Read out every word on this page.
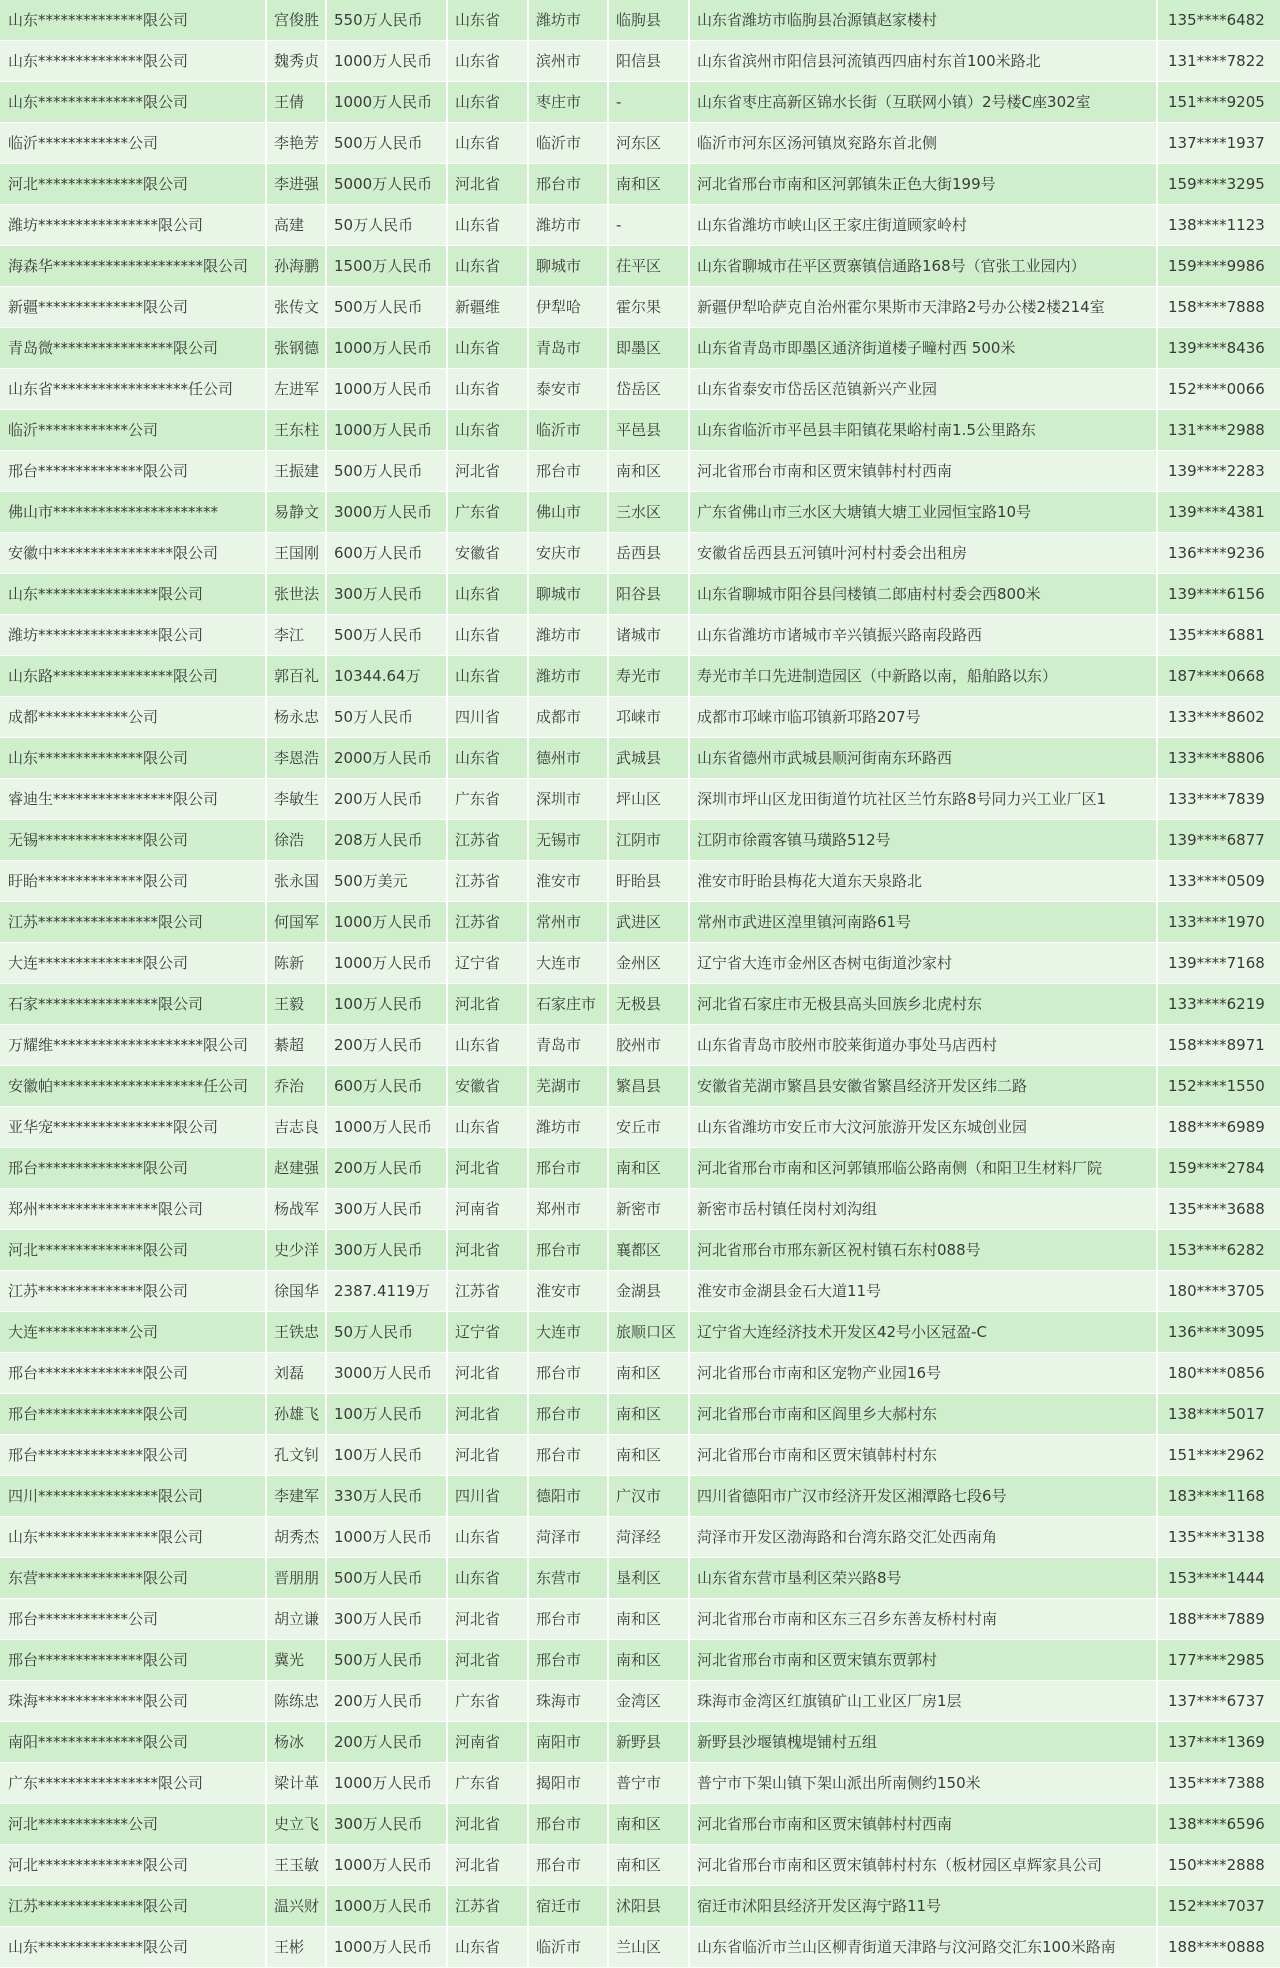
山东**************限公司	宫俊胜	550万人民币	山东省	潍坊市	临朐县	山东省潍坊市临朐县冶源镇赵家楼村	135****6482
山东**************限公司	魏秀贞	1000万人民币	山东省	滨州市	阳信县	山东省滨州市阳信县河流镇西四庙村东首100米路北	131****7822
山东**************限公司	王倩	1000万人民币	山东省	枣庄市	-	山东省枣庄高新区锦水长街（互联网小镇）2号楼C座302室	151****9205
临沂************公司	李艳芳	500万人民币	山东省	临沂市	河东区	临沂市河东区汤河镇岚兖路东首北侧	137****1937
河北**************限公司	李进强	5000万人民币	河北省	邢台市	南和区	河北省邢台市南和区河郭镇朱正色大街199号	159****3295
潍坊****************限公司	高建	50万人民币	山东省	潍坊市	-	山东省潍坊市峡山区王家庄街道顾家岭村	138****1123
海森华********************限公司	孙海鹏	1500万人民币	山东省	聊城市	茌平区	山东省聊城市茌平区贾寨镇信通路168号（官张工业园内）	159****9986
新疆**************限公司	张传文	500万人民币	新疆维	伊犁哈	霍尔果	新疆伊犁哈萨克自治州霍尔果斯市天津路2号办公楼2楼214室	158****7888
青岛微****************限公司	张钢德	1000万人民币	山东省	青岛市	即墨区	山东省青岛市即墨区通济街道楼子疃村西 500米	139****8436
山东省******************任公司	左进军	1000万人民币	山东省	泰安市	岱岳区	山东省泰安市岱岳区范镇新兴产业园	152****0066
临沂************公司	王东柱	1000万人民币	山东省	临沂市	平邑县	山东省临沂市平邑县丰阳镇花果峪村南1.5公里路东	131****2988
邢台**************限公司	王振建	500万人民币	河北省	邢台市	南和区	河北省邢台市南和区贾宋镇韩村村西南	139****2283
佛山市**********************	易静文	3000万人民币	广东省	佛山市	三水区	广东省佛山市三水区大塘镇大塘工业园恒宝路10号	139****4381
安徽中****************限公司	王国刚	600万人民币	安徽省	安庆市	岳西县	安徽省岳西县五河镇叶河村村委会出租房	136****9236
山东****************限公司	张世法	300万人民币	山东省	聊城市	阳谷县	山东省聊城市阳谷县闫楼镇二郎庙村村委会西800米	139****6156
潍坊****************限公司	李江	500万人民币	山东省	潍坊市	诸城市	山东省潍坊市诸城市辛兴镇振兴路南段路西	135****6881
山东路****************限公司	郭百礼	10344.64万	山东省	潍坊市	寿光市	寿光市羊口先进制造园区（中新路以南，船舶路以东）	187****0668
成都************公司	杨永忠	50万人民币	四川省	成都市	邛崃市	成都市邛崃市临邛镇新邛路207号	133****8602
山东**************限公司	李恩浩	2000万人民币	山东省	德州市	武城县	山东省德州市武城县顺河街南东环路西	133****8806
睿迪生****************限公司	李敏生	200万人民币	广东省	深圳市	坪山区	深圳市坪山区龙田街道竹坑社区兰竹东路8号同力兴工业厂区1	133****7839
无锡**************限公司	徐浩	208万人民币	江苏省	无锡市	江阴市	江阴市徐霞客镇马璜路512号	139****6877
盱眙**************限公司	张永国	500万美元	江苏省	淮安市	盱眙县	淮安市盱眙县梅花大道东天泉路北	133****0509
江苏****************限公司	何国军	1000万人民币	江苏省	常州市	武进区	常州市武进区湟里镇河南路61号	133****1970
大连**************限公司	陈新	1000万人民币	辽宁省	大连市	金州区	辽宁省大连市金州区杏树屯街道沙家村	139****7168
石家****************限公司	王毅	100万人民币	河北省	石家庄市	无极县	河北省石家庄市无极县高头回族乡北虎村东	133****6219
万耀维********************限公司	綦超	200万人民币	山东省	青岛市	胶州市	山东省青岛市胶州市胶莱街道办事处马店西村	158****8971
安徽帕********************任公司	乔治	600万人民币	安徽省	芜湖市	繁昌县	安徽省芜湖市繁昌县安徽省繁昌经济开发区纬二路	152****1550
亚华宠****************限公司	吉志良	1000万人民币	山东省	潍坊市	安丘市	山东省潍坊市安丘市大汶河旅游开发区东城创业园	188****6989
邢台**************限公司	赵建强	200万人民币	河北省	邢台市	南和区	河北省邢台市南和区河郭镇邢临公路南侧（和阳卫生材料厂院	159****2784
郑州****************限公司	杨战军	300万人民币	河南省	郑州市	新密市	新密市岳村镇任岗村刘沟组	135****3688
河北**************限公司	史少洋	300万人民币	河北省	邢台市	襄都区	河北省邢台市邢东新区祝村镇石东村088号	153****6282
江苏**************限公司	徐国华	2387.4119万	江苏省	淮安市	金湖县	淮安市金湖县金石大道11号	180****3705
大连************公司	王铁忠	50万人民币	辽宁省	大连市	旅顺口区	辽宁省大连经济技术开发区42号小区冠盈-C	136****3095
邢台**************限公司	刘磊	3000万人民币	河北省	邢台市	南和区	河北省邢台市南和区宠物产业园16号	180****0856
邢台**************限公司	孙雄飞	100万人民币	河北省	邢台市	南和区	河北省邢台市南和区阎里乡大郝村东	138****5017
邢台**************限公司	孔文钊	100万人民币	河北省	邢台市	南和区	河北省邢台市南和区贾宋镇韩村村东	151****2962
四川****************限公司	李建军	330万人民币	四川省	德阳市	广汉市	四川省德阳市广汉市经济开发区湘潭路七段6号	183****1168
山东****************限公司	胡秀杰	1000万人民币	山东省	菏泽市	菏泽经	菏泽市开发区渤海路和台湾东路交汇处西南角	135****3138
东营**************限公司	晋朋朋	500万人民币	山东省	东营市	垦利区	山东省东营市垦利区荣兴路8号	153****1444
邢台************公司	胡立谦	300万人民币	河北省	邢台市	南和区	河北省邢台市南和区东三召乡东善友桥村村南	188****7889
邢台**************限公司	冀光	500万人民币	河北省	邢台市	南和区	河北省邢台市南和区贾宋镇东贾郭村	177****2985
珠海**************限公司	陈练忠	200万人民币	广东省	珠海市	金湾区	珠海市金湾区红旗镇矿山工业区厂房1层	137****6737
南阳**************限公司	杨冰	200万人民币	河南省	南阳市	新野县	新野县沙堰镇槐堤铺村五组	137****1369
广东****************限公司	梁计革	1000万人民币	广东省	揭阳市	普宁市	普宁市下架山镇下架山派出所南侧约150米	135****7388
河北************公司	史立飞	300万人民币	河北省	邢台市	南和区	河北省邢台市南和区贾宋镇韩村村西南	138****6596
河北**************限公司	王玉敏	1000万人民币	河北省	邢台市	南和区	河北省邢台市南和区贾宋镇韩村村东（板材园区卓辉家具公司	150****2888
江苏**************限公司	温兴财	1000万人民币	江苏省	宿迁市	沭阳县	宿迁市沭阳县经济开发区海宁路11号	152****7037
山东**************限公司	王彬	1000万人民币	山东省	临沂市	兰山区	山东省临沂市兰山区柳青街道天津路与汶河路交汇东100米路南	188****0888
